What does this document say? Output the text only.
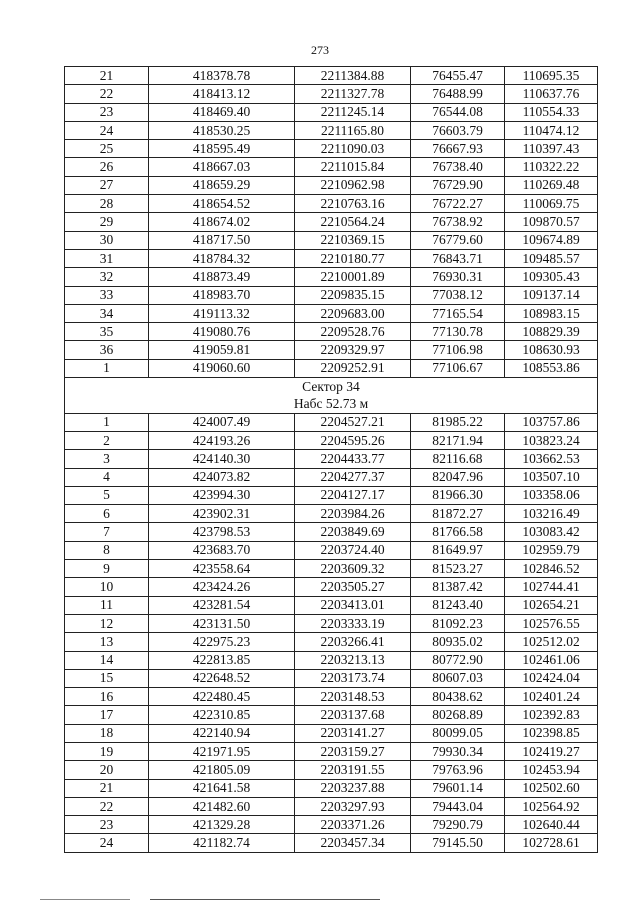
273
21	418378.78	2211384.88	76455.47	110695.35
22	418413.12	2211327.78	76488.99	110637.76
23	418469.40	2211245.14	76544.08	110554.33
24	418530.25	2211165.80	76603.79	110474.12
25	418595.49	2211090.03	76667.93	110397.43
26	418667.03	2211015.84	76738.40	110322.22
27	418659.29	2210962.98	76729.90	110269.48
28	418654.52	2210763.16	76722.27	110069.75
29	418674.02	2210564.24	76738.92	109870.57
30	418717.50	2210369.15	76779.60	109674.89
31	418784.32	2210180.77	76843.71	109485.57
32	418873.49	2210001.89	76930.31	109305.43
33	418983.70	2209835.15	77038.12	109137.14
34	419113.32	2209683.00	77165.54	108983.15
35	419080.76	2209528.76	77130.78	108829.39
36	419059.81	2209329.97	77106.98	108630.93
1	419060.60	2209252.91	77106.67	108553.86

Сектор 34
Набс 52.73 м				

1	424007.49	2204527.21	81985.22	103757.86
2	424193.26	2204595.26	82171.94	103823.24
3	424140.30	2204433.77	82116.68	103662.53
4	424073.82	2204277.37	82047.96	103507.10
5	423994.30	2204127.17	81966.30	103358.06
6	423902.31	2203984.26	81872.27	103216.49
7	423798.53	2203849.69	81766.58	103083.42
8	423683.70	2203724.40	81649.97	102959.79
9	423558.64	2203609.32	81523.27	102846.52
10	423424.26	2203505.27	81387.42	102744.41
11	423281.54	2203413.01	81243.40	102654.21
12	423131.50	2203333.19	81092.23	102576.55
13	422975.23	2203266.41	80935.02	102512.02
14	422813.85	2203213.13	80772.90	102461.06
15	422648.52	2203173.74	80607.03	102424.04
16	422480.45	2203148.53	80438.62	102401.24
17	422310.85	2203137.68	80268.89	102392.83
18	422140.94	2203141.27	80099.05	102398.85
19	421971.95	2203159.27	79930.34	102419.27
20	421805.09	2203191.55	79763.96	102453.94
21	421641.58	2203237.88	79601.14	102502.60
22	421482.60	2203297.93	79443.04	102564.92
23	421329.28	2203371.26	79290.79	102640.44
24	421182.74	2203457.34	79145.50	102728.61
